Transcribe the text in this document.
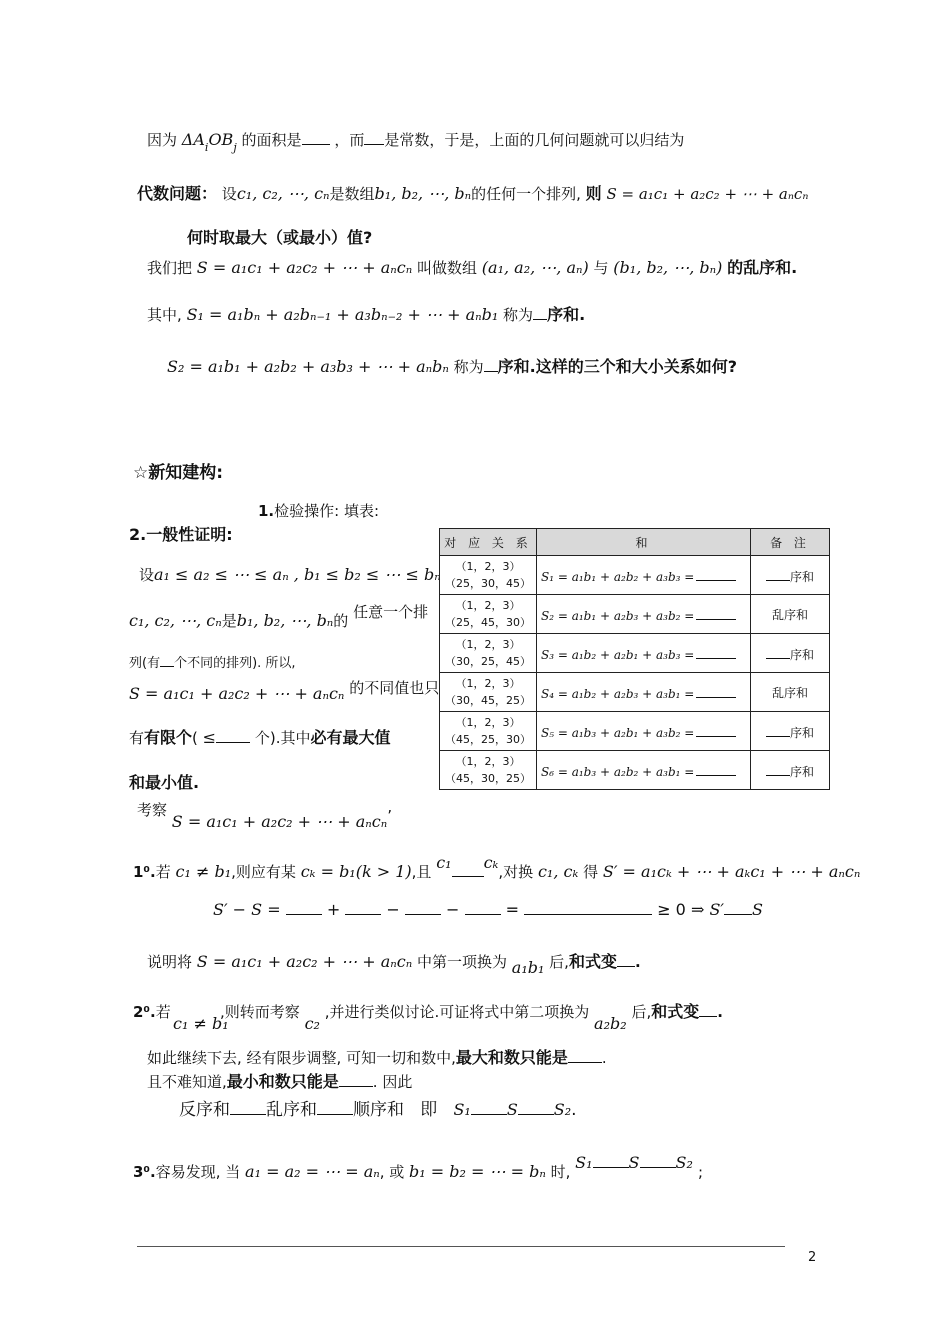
因为 $\Delta A_iOB_j$ 的面积是 ，而 是常数，于是，上面的几何问题就可以归结为
代数问题： 设c₁, c₂, ⋯, cₙ是数组b₁, b₂, ⋯, bₙ的任何一个排列, 则 S = a₁c₁ + a₂c₂ + ⋯ + aₙcₙ
何时取最大（或最小）值?
我们把 S = a₁c₁ + a₂c₂ + ⋯ + aₙcₙ 叫做数组 (a₁, a₂, ⋯, aₙ) 与 (b₁, b₂, ⋯, bₙ) 的乱序和.
其中, S₁ = a₁bₙ + a₂bₙ₋₁ + a₃bₙ₋₂ + ⋯ + aₙb₁ 称为 序和.
S₂ = a₁b₁ + a₂b₂ + a₃b₃ + ⋯ + aₙbₙ 称为 序和.这样的三个和大小关系如何?
☆新知建构:
1.检验操作: 填表:
2.一般性证明:
设a₁ ≤ a₂ ≤ ⋯ ≤ aₙ , b₁ ≤ b₂ ≤ ⋯ ≤ bₙ
c₁, c₂, ⋯, cₙ是b₁, b₂, ⋯, bₙ的 任意一个排
列(有 个不同的排列). 所以,
S = a₁c₁ + a₂c₂ + ⋯ + aₙcₙ 的不同值也只
有有限个( ≤	个).其中必有最大值
和最小值.
对 应 关 系	和	备 注

（1，2，3）
（25，30，45）	S₁ = a₁b₁ + a₂b₂ + a₃b₃ =	序和

（1，2，3）
（25，45，30）	S₂ = a₁b₁ + a₂b₃ + a₃b₂ =	乱序和

（1，2，3）
（30，25，45）	S₃ = a₁b₂ + a₂b₁ + a₃b₃ =	序和

（1，2，3）
（30，45，25）	S₄ = a₁b₂ + a₂b₃ + a₃b₁ =	乱序和

（1，2，3）
（45，25，30）	S₅ = a₁b₃ + a₂b₁ + a₃b₂ =	序和

（1，2，3）
（45，30，25）	S₆ = a₁b₃ + a₂b₂ + a₃b₁ =	序和
考察 S = a₁c₁ + a₂c₂ + ⋯ + aₙcₙ’
1⁰.若 c₁ ≠ b₁,则应有某 cₖ = b₁(k > 1),且 c₁ cₖ,对换 c₁, cₖ 得 S′ = a₁cₖ + ⋯ + aₖc₁ + ⋯ + aₙcₙ
S′ − S =	+	−	−	=	≥ 0 ⇒ S′ S
说明将 S = a₁c₁ + a₂c₂ + ⋯ + aₙcₙ 中第一项换为 a₁b₁ 后,和式变 .
2⁰.若
c₁ ≠ b₁
,则转而考察 c₂ ,并进行类似讨论.可证将式中第二项换为 a₂b₂ 后,和式变 .
如此继续下去, 经有限步调整, 可知一切和数中,最大和数只能是 .
且不难知道,最小和数只能是 . 因此
反序和 乱序和 顺序和 即 S₁ S S₂.
3⁰.容易发现, 当 a₁ = a₂ = ⋯ = aₙ, 或 b₁ = b₂ = ⋯ = bₙ 时, S₁ S S₂ ;
2
